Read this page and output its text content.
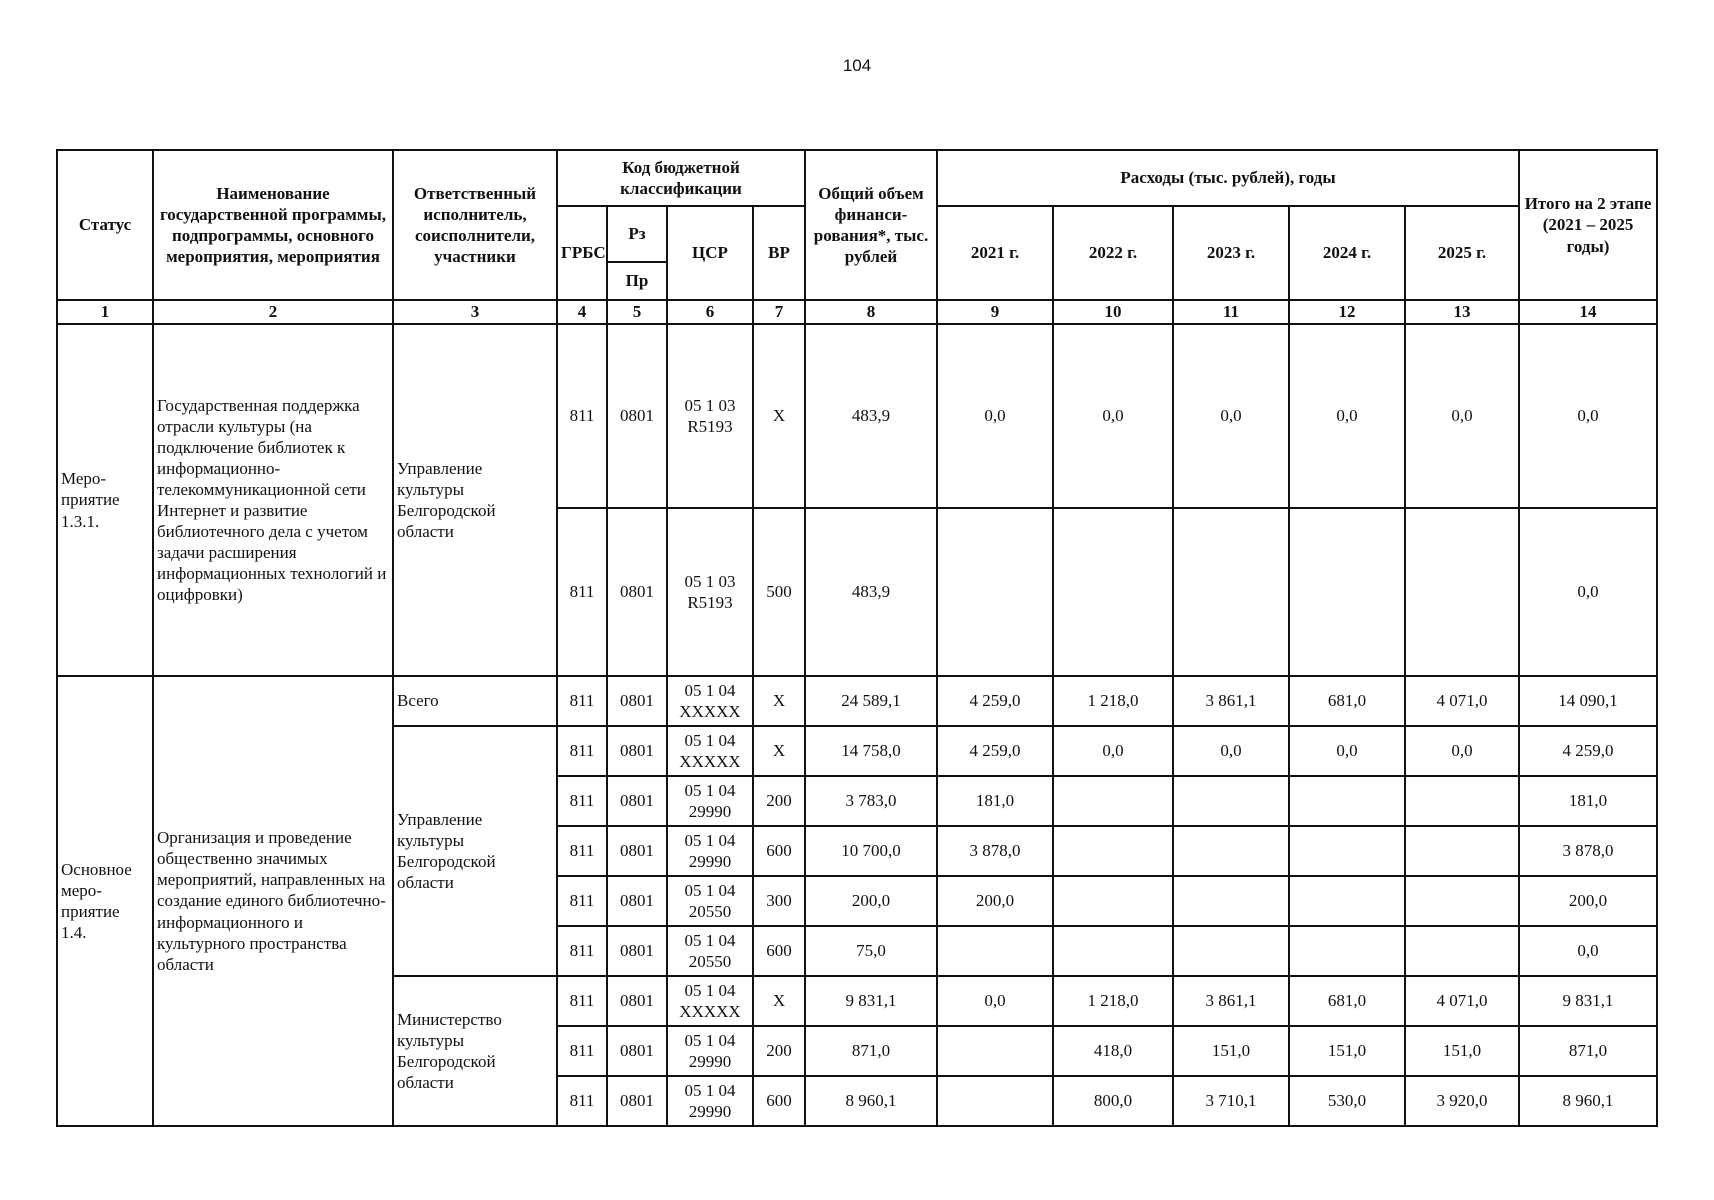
104
Статус	Наименование государственной программы, подпрограммы, основного мероприятия, мероприятия	Ответственный исполнитель, соисполнители, участники	Код бюджетной классификации				Общий объем финанси- рования*, тыс. рублей	Расходы (тыс. рублей), годы					Итого на 2 этапе (2021 – 2025 годы)
			ГРБС	Рз	ЦСР	ВР		2021 г.	2022 г.	2023 г.	2024 г.	2025 г.	
				Пр									
1	2	3	4	5	6	7	8	9	10	11	12	13	14
Меро- приятие 1.3.1.	Государственная поддержка отрасли культуры (на подключение библиотек к информационно- телекоммуникационной сети Интернет и развитие библиотечного дела с учетом задачи расширения информационных технологий и оцифровки)	Управление культуры Белгородской области	811	0801	05 1 03 R5193	Х	483,9	0,0	0,0	0,0	0,0	0,0	0,0
			811	0801	05 1 03 R5193	500	483,9						0,0
Основное меро- приятие 1.4.	Организация и проведение общественно значимых мероприятий, направленных на создание единого библиотечно- информационного и культурного пространства области	Всего	811	0801	05 1 04 ХХХХХ	Х	24 589,1	4 259,0	1 218,0	3 861,1	681,0	4 071,0	14 090,1
		Управление культуры Белгородской области	811	0801	05 1 04 ХХХХХ	Х	14 758,0	4 259,0	0,0	0,0	0,0	0,0	4 259,0
			811	0801	05 1 04 29990	200	3 783,0	181,0					181,0
			811	0801	05 1 04 29990	600	10 700,0	3 878,0					3 878,0
			811	0801	05 1 04 20550	300	200,0	200,0					200,0
			811	0801	05 1 04 20550	600	75,0						0,0
		Министерство культуры Белгородской области	811	0801	05 1 04 ХХХХХ	Х	9 831,1	0,0	1 218,0	3 861,1	681,0	4 071,0	9 831,1
			811	0801	05 1 04 29990	200	871,0		418,0	151,0	151,0	151,0	871,0
			811	0801	05 1 04 29990	600	8 960,1		800,0	3 710,1	530,0	3 920,0	8 960,1
